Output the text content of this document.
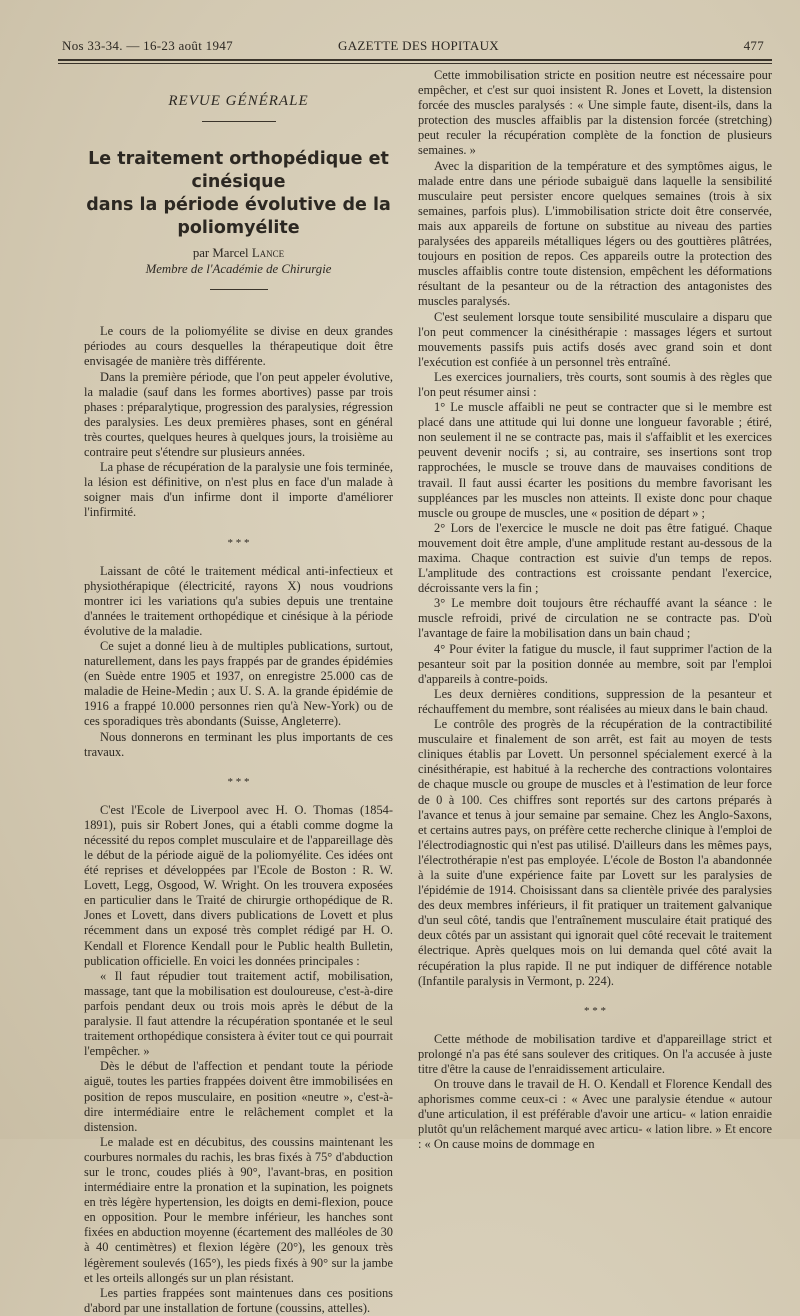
Nos 33-34. — 16-23 août 1947	GAZETTE DES HOPITAUX	477
REVUE GÉNÉRALE
Le traitement orthopédique et cinésique
dans la période évolutive de la poliomyélite
par Marcel Lance
Membre de l'Académie de Chirurgie

Le cours de la poliomyélite se divise en deux grandes périodes au cours desquelles la thérapeutique doit être envisagée de manière très différente.

Dans la première période, que l'on peut appeler évolutive, la maladie (sauf dans les formes abortives) passe par trois phases : préparalytique, progression des paralysies, régression des paralysies. Les deux premières phases, sont en général très courtes, quelques heures à quelques jours, la troisième au contraire peut s'étendre sur plusieurs années.

La phase de récupération de la paralysie une fois terminée, la lésion est définitive, on n'est plus en face d'un malade à soigner mais d'un infirme dont il importe d'améliorer l'infirmité.

* * *

Laissant de côté le traitement médical anti-infectieux et physiothérapique (électricité, rayons X) nous voudrions montrer ici les variations qu'a subies depuis une trentaine d'années le traitement orthopédique et cinésique à la période évolutive de la maladie.

Ce sujet a donné lieu à de multiples publications, surtout, naturellement, dans les pays frappés par de grandes épidémies (en Suède entre 1905 et 1937, on enregistre 25.000 cas de maladie de Heine-Medin ; aux U. S. A. la grande épidémie de 1916 a frappé 10.000 personnes rien qu'à New-York) ou de ces sporadiques très abondants (Suisse, Angleterre).

Nous donnerons en terminant les plus importants de ces travaux.

* * *

C'est l'Ecole de Liverpool avec H. O. Thomas (1854-1891), puis sir Robert Jones, qui a établi comme dogme la nécessité du repos complet musculaire et de l'appareillage dès le début de la période aiguë de la poliomyélite. Ces idées ont été reprises et développées par l'Ecole de Boston : R. W. Lovett, Legg, Osgood, W. Wright. On les trouvera exposées en particulier dans le Traité de chirurgie orthopédique de R. Jones et Lovett, dans divers publications de Lovett et plus récemment dans un exposé très complet rédigé par H. O. Kendall et Florence Kendall pour le Public health Bulletin, publication officielle. En voici les données principales :

« Il faut répudier tout traitement actif, mobilisation, massage, tant que la mobilisation est douloureuse, c'est-à-dire parfois pendant deux ou trois mois après le début de la paralysie. Il faut attendre la récupération spontanée et le seul traitement orthopédique consistera à éviter tout ce qui pourrait l'empêcher. »

Dès le début de l'affection et pendant toute la période aiguë, toutes les parties frappées doivent être immobilisées en position de repos musculaire, en position «neutre », c'est-à-dire intermédiaire entre le relâchement complet et la distension.

Le malade est en décubitus, des coussins maintenant les courbures normales du rachis, les bras fixés à 75° d'abduction sur le tronc, coudes pliés à 90°, l'avant-bras, en position intermédiaire entre la pronation et la supination, les poignets en très légère hypertension, les doigts en demi-flexion, pouce en opposition. Pour le membre inférieur, les hanches sont fixées en abduction moyenne (écartement des malléoles de 30 à 40 centimètres) et flexion légère (20°), les genoux très légèrement soulevés (165°), les pieds fixés à 90° sur la jambe et les orteils allongés sur un plan résistant.

Les parties frappées sont maintenues dans ces positions d'abord par une installation de fortune (coussins, attelles).

Cette immobilisation stricte en position neutre est nécessaire pour empêcher, et c'est sur quoi insistent R. Jones et Lovett, la distension forcée des muscles paralysés : « Une simple faute, disent-ils, dans la protection des muscles affaiblis par la distension forcée (stretching) peut reculer la récupération complète de la fonction de plusieurs semaines. »

Avec la disparition de la température et des symptômes aigus, le malade entre dans une période subaiguë dans laquelle la sensibilité musculaire peut persister encore quelques semaines (trois à six semaines, parfois plus). L'immobilisation stricte doit être conservée, mais aux appareils de fortune on substitue au niveau des parties paralysées des appareils métalliques légers ou des gouttières plâtrées, toujours en position de repos. Ces appareils outre la protection des muscles affaiblis contre toute distension, empêchent les déformations résultant de la pesanteur ou de la rétraction des antagonistes des muscles paralysés.

C'est seulement lorsque toute sensibilité musculaire a disparu que l'on peut commencer la cinésithérapie : massages légers et surtout mouvements passifs puis actifs dosés avec grand soin et dont l'exécution est confiée à un personnel très entraîné.

Les exercices journaliers, très courts, sont soumis à des règles que l'on peut résumer ainsi :

1° Le muscle affaibli ne peut se contracter que si le membre est placé dans une attitude qui lui donne une longueur favorable ; étiré, non seulement il ne se contracte pas, mais il s'affaiblit et les exercices peuvent devenir nocifs ; si, au contraire, ses insertions sont trop rapprochées, le muscle se trouve dans de mauvaises conditions de travail. Il faut aussi écarter les positions du membre favorisant les suppléances par les muscles non atteints. Il existe donc pour chaque muscle ou groupe de muscles, une « position de départ » ;

2° Lors de l'exercice le muscle ne doit pas être fatigué. Chaque mouvement doit être ample, d'une amplitude restant au-dessous de la maxima. Chaque contraction est suivie d'un temps de repos. L'amplitude des contractions est croissante pendant l'exercice, décroissante vers la fin ;

3° Le membre doit toujours être réchauffé avant la séance : le muscle refroidi, privé de circulation ne se contracte pas. D'où l'avantage de faire la mobilisation dans un bain chaud ;

4° Pour éviter la fatigue du muscle, il faut supprimer l'action de la pesanteur soit par la position donnée au membre, soit par l'emploi d'appareils à contre-poids.

Les deux dernières conditions, suppression de la pesanteur et réchauffement du membre, sont réalisées au mieux dans le bain chaud.

Le contrôle des progrès de la récupération de la contractibilité musculaire et finalement de son arrêt, est fait au moyen de tests cliniques établis par Lovett. Un personnel spécialement exercé à la cinésithérapie, est habitué à la recherche des contractions volontaires de chaque muscle ou groupe de muscles et à l'estimation de leur force de 0 à 100. Ces chiffres sont reportés sur des cartons préparés à l'avance et tenus à jour semaine par semaine. Chez les Anglo-Saxons, et certains autres pays, on préfère cette recherche clinique à l'emploi de l'électrodiagnostic qui n'est pas utilisé. D'ailleurs dans les mêmes pays, l'électrothérapie n'est pas employée. L'école de Boston l'a abandonnée à la suite d'une expérience faite par Lovett sur les paralysies de l'épidémie de 1914. Choisissant dans sa clientèle privée des paralysies des deux membres inférieurs, il fit pratiquer un traitement galvanique d'un seul côté, tandis que l'entraînement musculaire était pratiqué des deux côtés par un assistant qui ignorait quel côté recevait le traitement électrique. Après quelques mois on lui demanda quel côté avait la récupération la plus rapide. Il ne put indiquer de différence notable (Infantile paralysis in Vermont, p. 224).

* * *

Cette méthode de mobilisation tardive et d'appareillage strict et prolongé n'a pas été sans soulever des critiques. On l'a accusée à juste titre d'être la cause de l'enraidissement articulaire.

On trouve dans le travail de H. O. Kendall et Florence Kendall des aphorismes comme ceux-ci : « Avec une paralysie étendue « autour d'une articulation, il est préférable d'avoir une articu- « lation enraidie plutôt qu'un relâchement marqué avec articu- « lation libre. » Et encore : « On cause moins de dommage en
